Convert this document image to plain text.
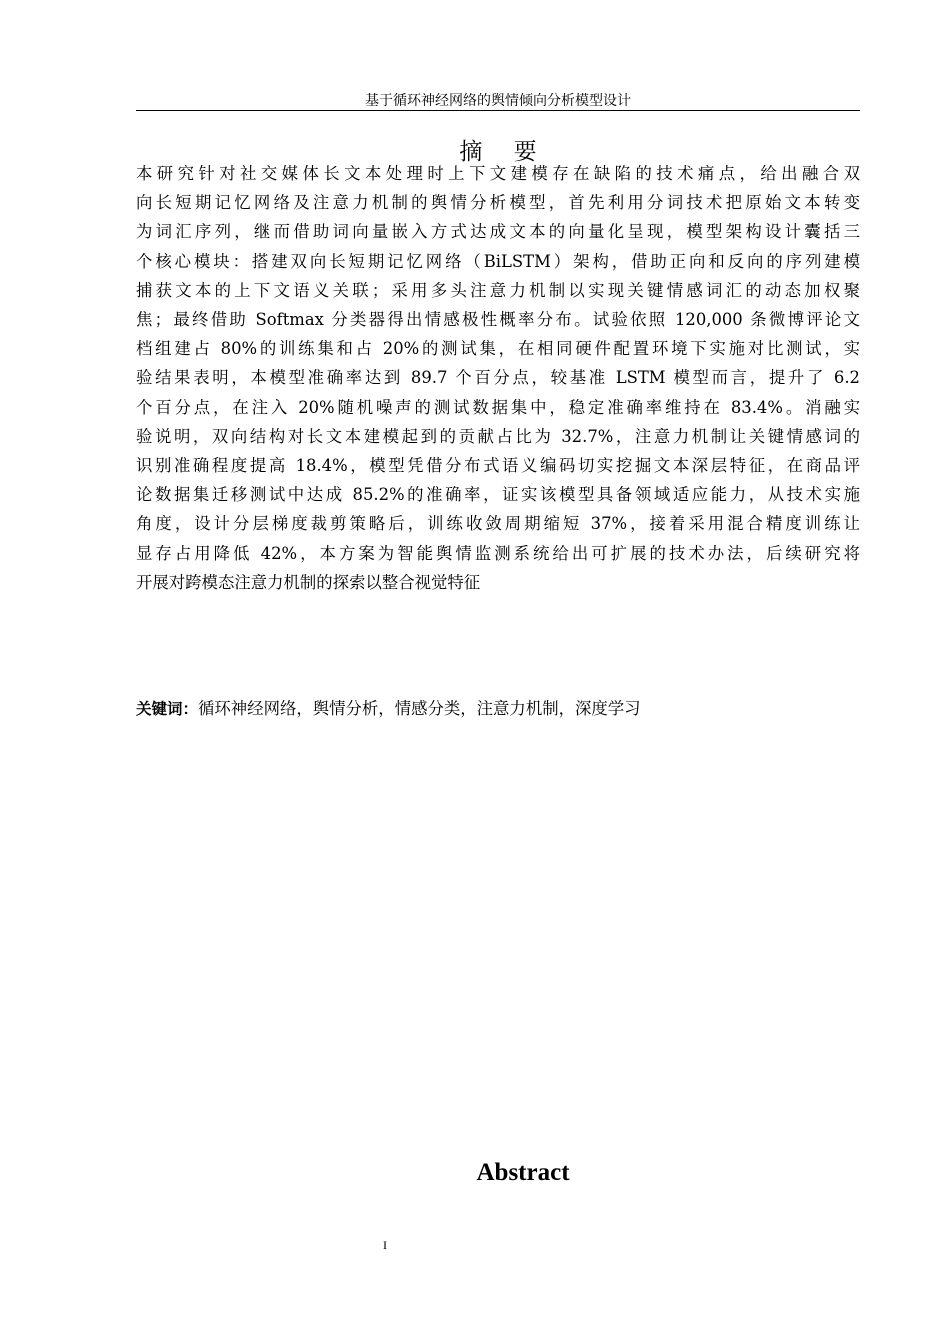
基于循环神经网络的舆情倾向分析模型设计
摘 要
本研究针对社交媒体长文本处理时上下文建模存在缺陷的技术痛点，给出融合双
向长短期记忆网络及注意力机制的舆情分析模型，首先利用分词技术把原始文本转变
为词汇序列，继而借助词向量嵌入方式达成文本的向量化呈现，模型架构设计囊括三
个核心模块：搭建双向长短期记忆网络（BiLSTM）架构，借助正向和反向的序列建模
捕获文本的上下文语义关联；采用多头注意力机制以实现关键情感词汇的动态加权聚
焦；最终借助 Softmax 分类器得出情感极性概率分布。试验依照 120,000 条微博评论文
档组建占 80%的训练集和占 20%的测试集，在相同硬件配置环境下实施对比测试，实
验结果表明，本模型准确率达到 89.7 个百分点，较基准 LSTM 模型而言，提升了 6.2
个百分点，在注入 20%随机噪声的测试数据集中，稳定准确率维持在 83.4%。消融实
验说明，双向结构对长文本建模起到的贡献占比为 32.7%，注意力机制让关键情感词的
识别准确程度提高 18.4%，模型凭借分布式语义编码切实挖掘文本深层特征，在商品评
论数据集迁移测试中达成 85.2%的准确率，证实该模型具备领域适应能力，从技术实施
角度，设计分层梯度裁剪策略后，训练收敛周期缩短 37%，接着采用混合精度训练让
显存占用降低 42%，本方案为智能舆情监测系统给出可扩展的技术办法，后续研究将
开展对跨模态注意力机制的探索以整合视觉特征
关键词：循环神经网络，舆情分析，情感分类，注意力机制，深度学习
Abstract
I
